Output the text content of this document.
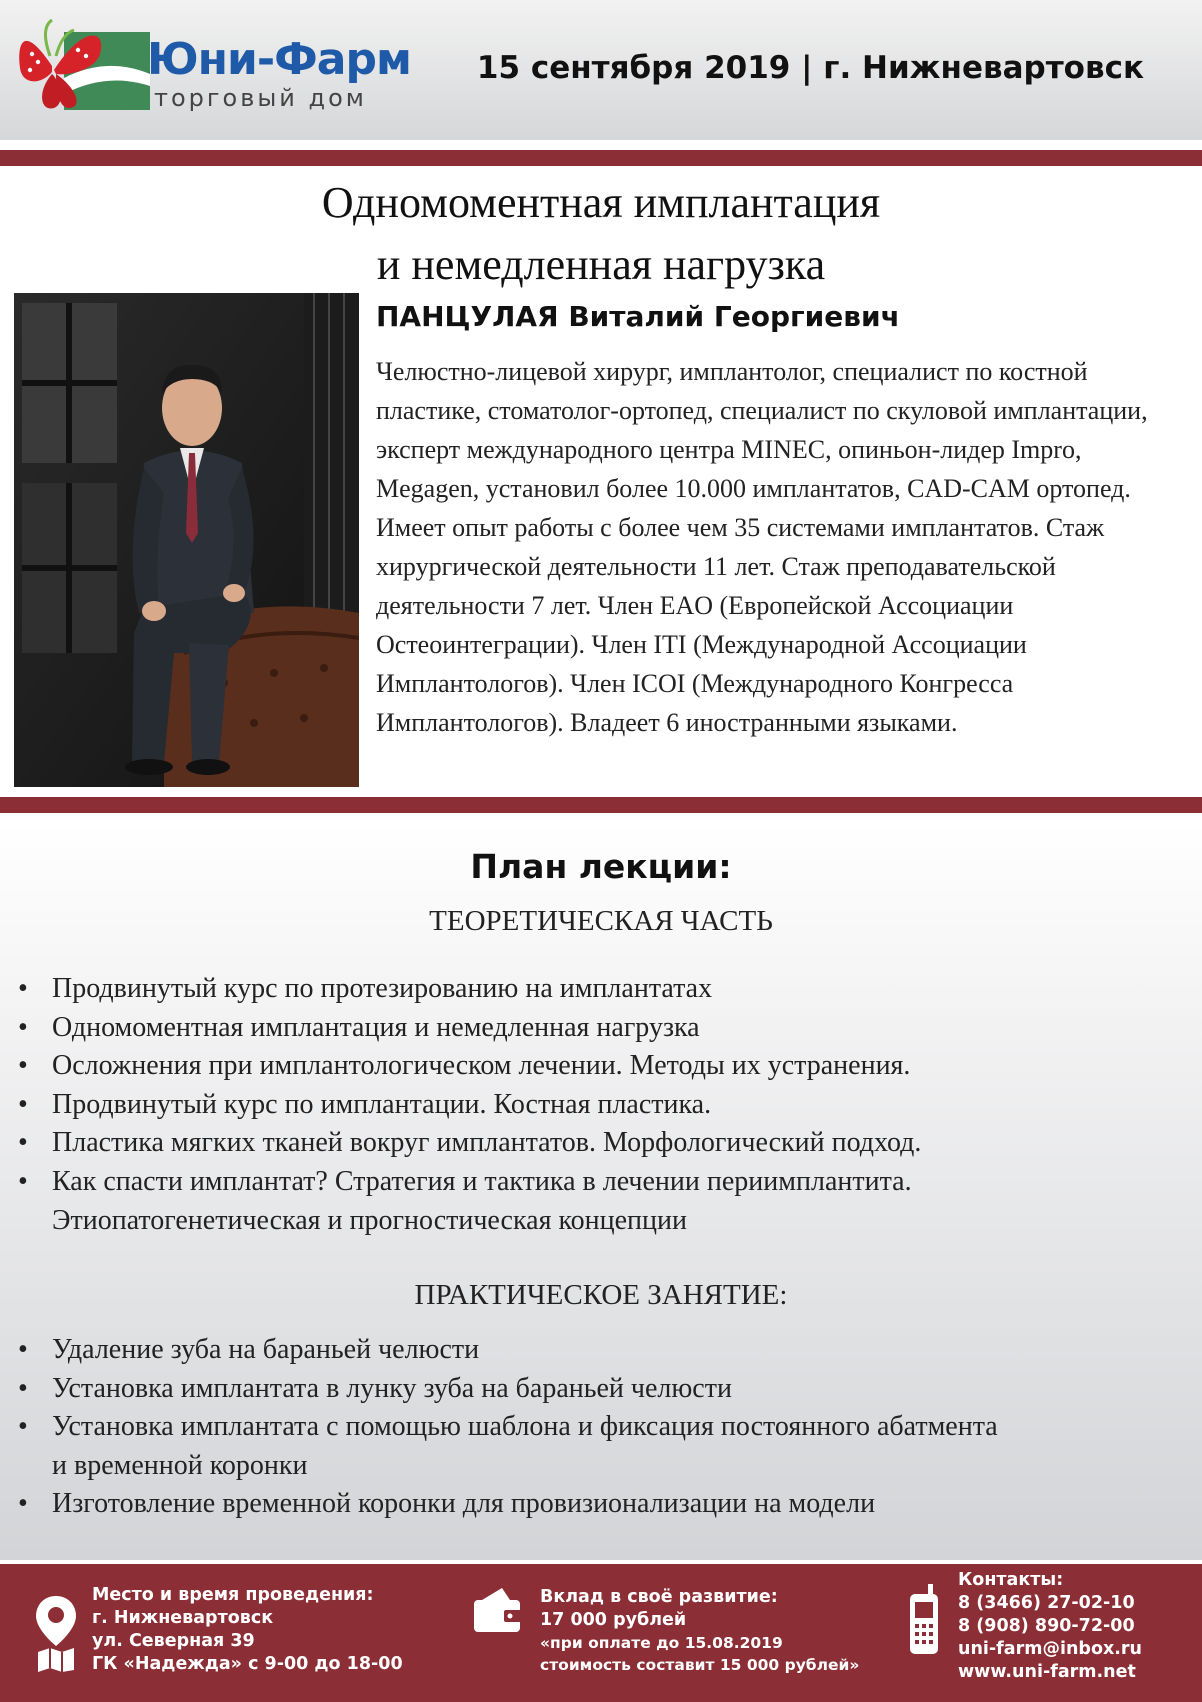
Юни-Фарм
торговый дом
15 сентября 2019 | г. Нижневартовск
Одномоментная имплантация
и немедленная нагрузка
ПАНЦУЛАЯ Виталий Георгиевич

Челюстно-лицевой хирург, имплантолог, специалист по костной пластике, стоматолог-ортопед, специалист по скуловой имплантации, эксперт международного центра MINEC, опиньон-лидер Impro, Megagen, установил более 10.000 имплантатов, CAD-CAM ортопед. Имеет опыт работы с более чем 35 системами имплантатов. Стаж хирургической деятельности 11 лет. Стаж преподавательской деятельности 7 лет. Член EAO (Европейской Ассоциации Остеоинтеграции). Член ITI (Международной Ассоциации Имплантологов). Член ICOI (Международного Конгресса Имплантологов). Владеет 6 иностранными языками.

План лекции:
ТЕОРЕТИЧЕСКАЯ ЧАСТЬ
• Продвинутый курс по протезированию на имплантатах
• Одномоментная имплантация и немедленная нагрузка
• Осложнения при имплантологическом лечении. Методы их устранения.
• Продвинутый курс по имплантации. Костная пластика.
• Пластика мягких тканей вокруг имплантатов. Морфологический подход.
• Как спасти имплантат? Стратегия и тактика в лечении периимплантита. Этиопатогенетическая и прогностическая концепции
ПРАКТИЧЕСКОЕ ЗАНЯТИЕ:
• Удаление зуба на бараньей челюсти
• Установка имплантата в лунку зуба на бараньей челюсти
• Установка имплантата с помощью шаблона и фиксация постоянного абатмента и временной коронки
• Изготовление временной коронки для провизионализации на модели
Место и время проведения:
г. Нижневартовск
ул. Северная 39
ГК «Надежда» с 9-00 до 18-00
Вклад в своё развитие:
17 000 рублей
«при оплате до 15.08.2019
стоимость составит 15 000 рублей»
Контакты:
8 (3466) 27-02-10
8 (908) 890-72-00
uni-farm@inbox.ru
www.uni-farm.net
